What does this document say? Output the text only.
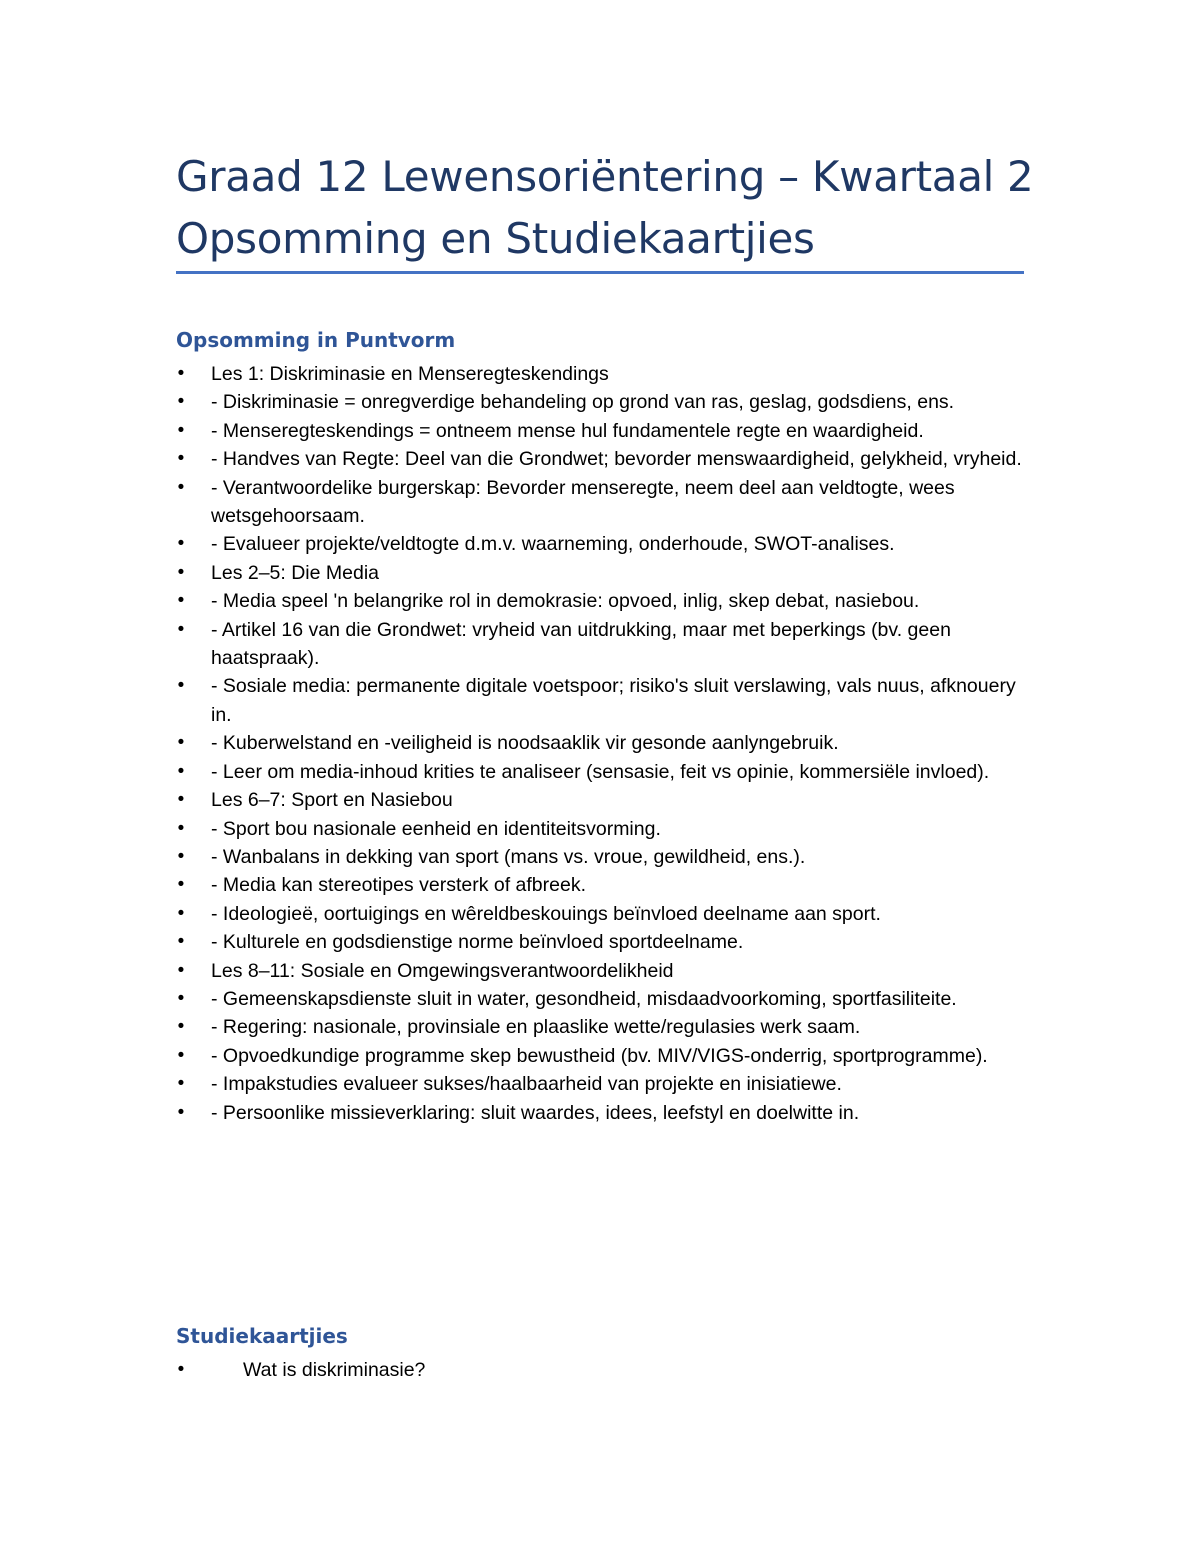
Graad 12 Lewensoriëntering – Kwartaal 2 Opsomming en Studiekaartjies
Opsomming in Puntvorm
• Les 1: Diskriminasie en Menseregteskendings
• - Diskriminasie = onregverdige behandeling op grond van ras, geslag, godsdiens, ens.
• - Menseregteskendings = ontneem mense hul fundamentele regte en waardigheid.
• - Handves van Regte: Deel van die Grondwet; bevorder menswaardigheid, gelykheid, vryheid.
• - Verantwoordelike burgerskap: Bevorder menseregte, neem deel aan veldtogte, wees wetsgehoorsaam.
• - Evalueer projekte/veldtogte d.m.v. waarneming, onderhoude, SWOT-analises.
• Les 2–5: Die Media
• - Media speel 'n belangrike rol in demokrasie: opvoed, inlig, skep debat, nasiebou.
• - Artikel 16 van die Grondwet: vryheid van uitdrukking, maar met beperkings (bv. geen haatspraak).
• - Sosiale media: permanente digitale voetspoor; risiko's sluit verslawing, vals nuus, afknouery in.
• - Kuberwelstand en -veiligheid is noodsaaklik vir gesonde aanlyngebruik.
• - Leer om media-inhoud krities te analiseer (sensasie, feit vs opinie, kommersiële invloed).
• Les 6–7: Sport en Nasiebou
• - Sport bou nasionale eenheid en identiteitsvorming.
• - Wanbalans in dekking van sport (mans vs. vroue, gewildheid, ens.).
• - Media kan stereotipes versterk of afbreek.
• - Ideologieë, oortuigings en wêreldbeskouings beïnvloed deelname aan sport.
• - Kulturele en godsdienstige norme beïnvloed sportdeelname.
• Les 8–11: Sosiale en Omgewingsverantwoordelikheid
• - Gemeenskapsdienste sluit in water, gesondheid, misdaadvoorkoming, sportfasiliteite.
• - Regering: nasionale, provinsiale en plaaslike wette/regulasies werk saam.
• - Opvoedkundige programme skep bewustheid (bv. MIV/VIGS-onderrig, sportprogramme).
• - Impakstudies evalueer sukses/haalbaarheid van projekte en inisiatiewe.
• - Persoonlike missieverklaring: sluit waardes, idees, leefstyl en doelwitte in.
Studiekaartjies
•	Wat is diskriminasie?
